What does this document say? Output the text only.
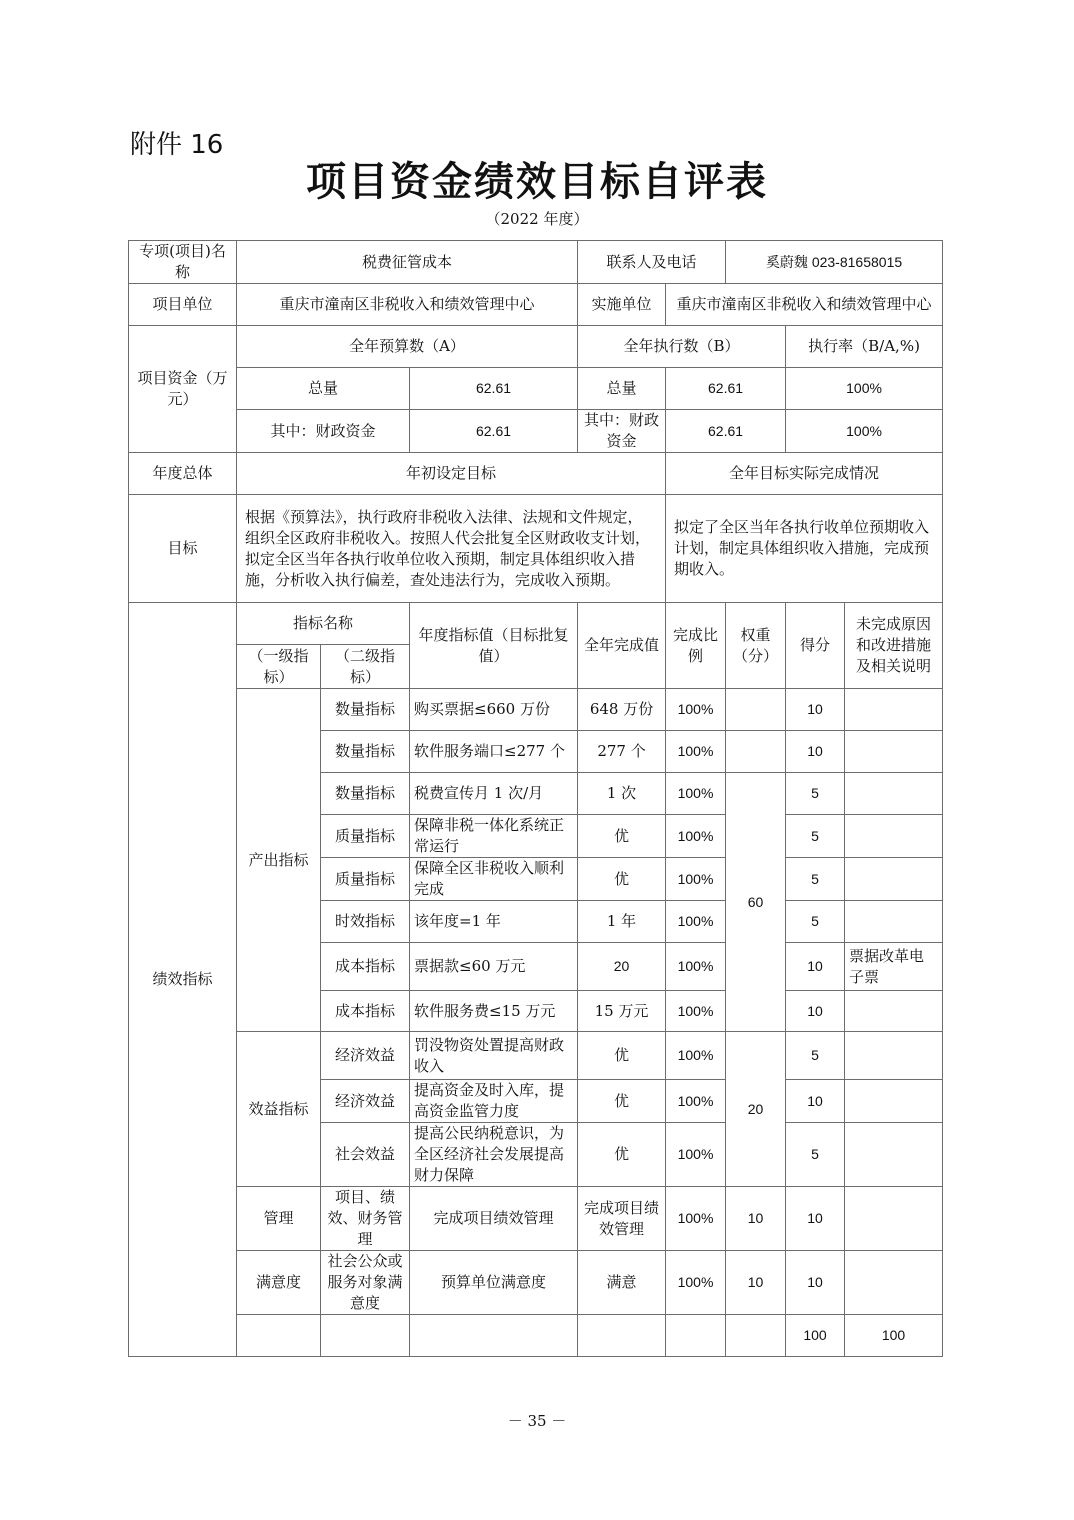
附件 16
项目资金绩效目标自评表
（2022 年度）
专项(项目)名称	税费征管成本			联系人及电话		奚蔚魏 023-81658015			
项目单位	重庆市潼南区非税收入和绩效管理中心			实施单位	重庆市潼南区非税收入和绩效管理中心				
项目资金（万元）	全年预算数（A）			全年执行数（B）			执行率（B/A,%)		
	总量		62.61	总量	62.61		100%		
	其中：财政资金		62.61	其中：财政资金	62.61		100%		
年度总体	年初设定目标				全年目标实际完成情况				
目标	根据《预算法》，执行政府非税收入法律、法规和文件规定，组织全区政府非税收入。按照人代会批复全区财政收支计划，拟定全区当年各执行收单位收入预期，制定具体组织收入措施，分析收入执行偏差，查处违法行为，完成收入预期。				拟定了全区当年各执行收单位预期收入计划，制定具体组织收入措施，完成预期收入。				
绩效指标	指标名称		年度指标值（目标批复值）	全年完成值	完成比例	权重（分）	得分	未完成原因和改进措施及相关说明	
	（一级指标）	（二级指标）							
	产出指标	数量指标	购买票据≤660 万份	648 万份	100%		10		
		数量指标	软件服务端口≤277 个	277 个	100%		10		
		数量指标	税费宣传月 1 次/月	1 次	100%	60	5		
		质量指标	保障非税一体化系统正常运行	优	100%		5		
		质量指标	保障全区非税收入顺利完成	优	100%		5		
		时效指标	该年度=1 年	1 年	100%		5		
		成本指标	票据款≤60 万元	20	100%		10	票据改革电子票	
		成本指标	软件服务费≤15 万元	15 万元	100%		10		
	效益指标	经济效益	罚没物资处置提高财政收入	优	100%	20	5		
		经济效益	提高资金及时入库，提高资金监管力度	优	100%		10		
		社会效益	提高公民纳税意识，为全区经济社会发展提高财力保障	优	100%		5		
	管理	项目、绩效、财务管理	完成项目绩效管理	完成项目绩效管理	100%	10	10		
	满意度	社会公众或服务对象满意度	预算单位满意度	满意	100%	10	10		
							100	100	
－ 35 －
